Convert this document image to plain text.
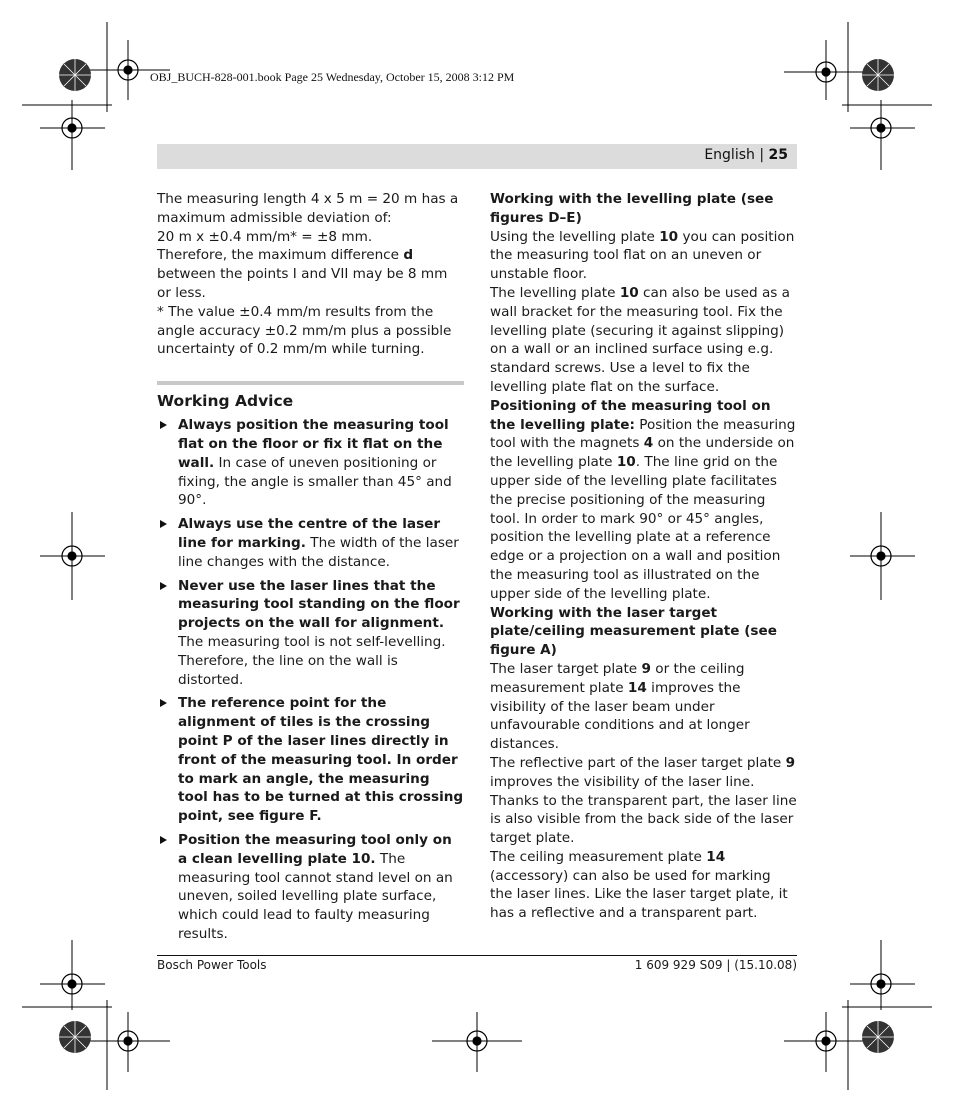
OBJ_BUCH-828-001.book Page 25 Wednesday, October 15, 2008 3:12 PM
English | 25

The measuring length 4 x 5 m = 20 m has a maximum admissible deviation of:

20 m x ±0.4 mm/m* = ±8 mm.

Therefore, the maximum difference d between the points I and VII may be 8 mm or less.

* The value ±0.4 mm/m results from the angle accuracy ±0.2 mm/m plus a possible uncertainty of 0.2 mm/m while turning.

Working Advice
Always position the measuring tool flat on the floor or fix it flat on the wall. In case of uneven positioning or fixing, the angle is smaller than 45° and 90°.
Always use the centre of the laser line for marking. The width of the laser line changes with the distance.
Never use the laser lines that the measuring tool standing on the floor projects on the wall for alignment. The measuring tool is not self-levelling. Therefore, the line on the wall is distorted.
The reference point for the alignment of tiles is the crossing point P of the laser lines directly in front of the measuring tool. In order to mark an angle, the measuring tool has to be turned at this crossing point, see figure F.
Position the measuring tool only on a clean levelling plate 10. The measuring tool cannot stand level on an uneven, soiled levelling plate surface, which could lead to faulty measuring results.

Working with the levelling plate (see figures D–E)

Using the levelling plate 10 you can position the measuring tool flat on an uneven or unstable floor.

The levelling plate 10 can also be used as a wall bracket for the measuring tool. Fix the levelling plate (securing it against slipping) on a wall or an inclined surface using e.g. standard screws. Use a level to fix the levelling plate flat on the surface.

Positioning of the measuring tool on the levelling plate: Position the measuring tool with the magnets 4 on the underside on the levelling plate 10. The line grid on the upper side of the levelling plate facilitates the precise positioning of the measuring tool. In order to mark 90° or 45° angles, position the levelling plate at a reference edge or a projection on a wall and position the measuring tool as illustrated on the upper side of the levelling plate.

Working with the laser target plate/ceiling measurement plate (see figure A)

The laser target plate 9 or the ceiling measurement plate 14 improves the visibility of the laser beam under unfavourable conditions and at longer distances.

The reflective part of the laser target plate 9 improves the visibility of the laser line. Thanks to the transparent part, the laser line is also visible from the back side of the laser target plate.

The ceiling measurement plate 14 (accessory) can also be used for marking the laser lines. Like the laser target plate, it has a reflective and a transparent part.

Bosch Power Tools	1 609 929 S09 | (15.10.08)
